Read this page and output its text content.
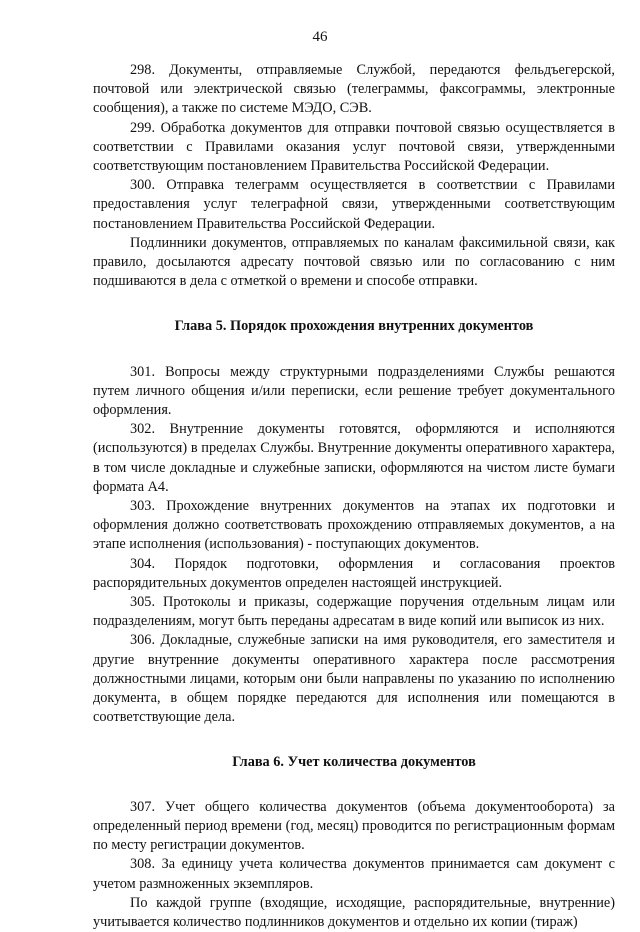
46

298. Документы, отправляемые Службой, передаются фельдъегерской, почтовой или электрической связью (телеграммы, факсограммы, электронные сообщения), а также по системе МЭДО, СЭВ.

299. Обработка документов для отправки почтовой связью осуществляется в соответствии с Правилами оказания услуг почтовой связи, утвержденными соответствующим постановлением Правительства Российской Федерации.

300. Отправка телеграмм осуществляется в соответствии с Правилами предоставления услуг телеграфной связи, утвержденными соответствующим постановлением Правительства Российской Федерации.

Подлинники документов, отправляемых по каналам факсимильной связи, как правило, досылаются адресату почтовой связью или по согласованию с ним подшиваются в дела с отметкой о времени и способе отправки.

Глава 5. Порядок прохождения внутренних документов

301. Вопросы между структурными подразделениями Службы решаются путем личного общения и/или переписки, если решение требует документального оформления.

302. Внутренние документы готовятся, оформляются и исполняются (используются) в пределах Службы. Внутренние документы оперативного характера, в том числе докладные и служебные записки, оформляются на чистом листе бумаги формата А4.

303. Прохождение внутренних документов на этапах их подготовки и оформления должно соответствовать прохождению отправляемых документов, а на этапе исполнения (использования) - поступающих документов.

304. Порядок подготовки, оформления и согласования проектов распорядительных документов определен настоящей инструкцией.

305. Протоколы и приказы, содержащие поручения отдельным лицам или подразделениям, могут быть переданы адресатам в виде копий или выписок из них.

306. Докладные, служебные записки на имя руководителя, его заместителя и другие внутренние документы оперативного характера после рассмотрения должностными лицами, которым они были направлены по указанию по исполнению документа, в общем порядке передаются для исполнения или помещаются в соответствующие дела.

Глава 6. Учет количества документов

307. Учет общего количества документов (объема документооборота) за определенный период времени (год, месяц) проводится по регистрационным формам по месту регистрации документов.

308. За единицу учета количества документов принимается сам документ с учетом размноженных экземпляров.

По каждой группе (входящие, исходящие, распорядительные, внутренние) учитывается количество подлинников документов и отдельно их копии (тираж)
